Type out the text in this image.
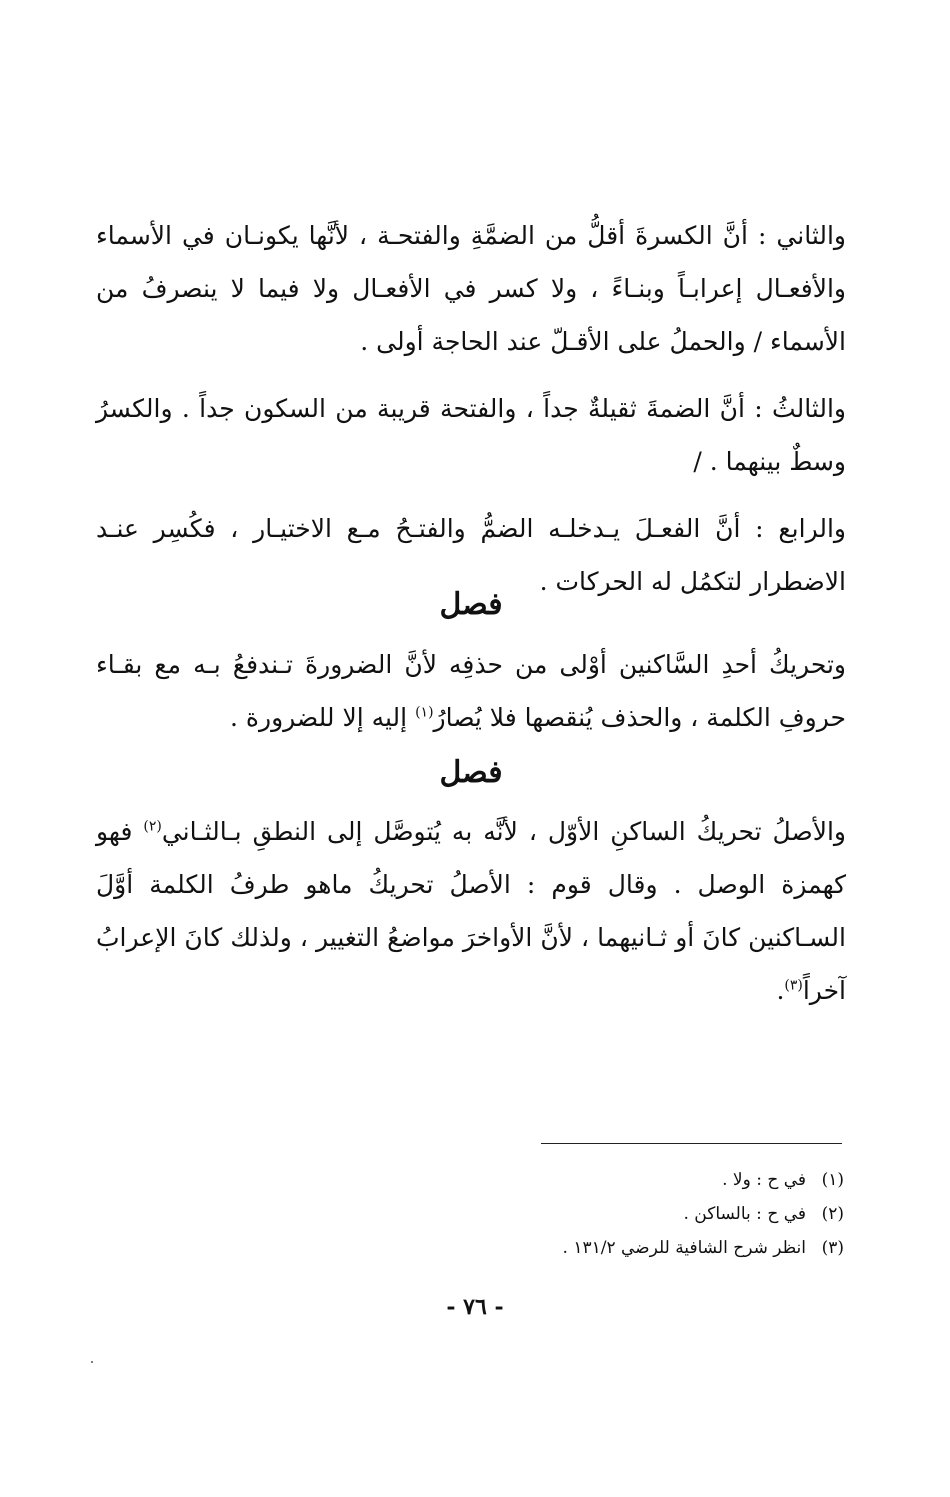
والثاني : أنَّ الكسرةَ أقلُّ من الضمَّةِ والفتحـة ، لأنَّها يكونـان في الأسماء والأفعـال إعرابـاً وبنـاءً ، ولا كسر في الأفعـال ولا فيما لا ينصرفُ من الأسماء / والحملُ على الأقـلّ عند الحاجة أولى .

والثالثُ : أنَّ الضمةَ ثقيلةٌ جداً ، والفتحة قريبة من السكون جداً . والكسرُ وسطٌ بينهما . /

والرابع : أنَّ الفعـلَ يـدخلـه الضمُّ والفتـحُ مـع الاختيـار ، فكُسِر عنـد الاضطرار لتكمُل له الحركات .

فصل

وتحريكُ أحدِ السَّاكنين أوْلى من حذفِه لأنَّ الضرورةَ تـندفعُ بـه مع بقـاء حروفِ الكلمة ، والحذف يُنقصها فلا يُصارُ$^{(١)}$ إليه إلا للضرورة .

فصل

والأصلُ تحريكُ الساكنِ الأوّل ، لأنَّه به يُتوصَّل إلى النطقِ بـالثـاني$^{(٢)}$ فهو كهمزة الوصل . وقال قوم : الأصلُ تحريكُ ماهو طرفُ الكلمة أوَّلَ السـاكنين كانَ أو ثـانيهما ، لأنَّ الأواخرَ مواضعُ التغيير ، ولذلك كانَ الإعرابُ آخراً$^{(٣)}$.

(١)
في ح : ولا .
(٢)
في ح : بالساكن .
(٣)
انظر شرح الشافية للرضي ١٣١/٢ .
- ٧٦ -
